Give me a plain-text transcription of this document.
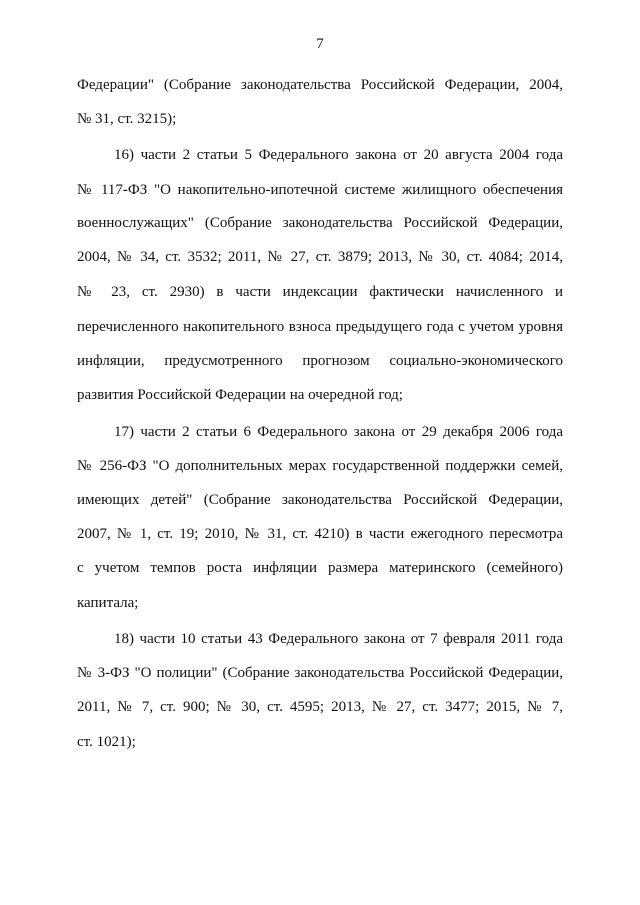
7
Федерации" (Собрание законодательства Российской Федерации, 2004,
№ 31, ст. 3215);
16) части 2 статьи 5 Федерального закона от 20 августа 2004 года
№ 117-ФЗ "О накопительно-ипотечной системе жилищного обеспечения
военнослужащих" (Собрание законодательства Российской Федерации,
2004, № 34, ст. 3532; 2011, № 27, ст. 3879; 2013, № 30, ст. 4084; 2014,
№ 23, ст. 2930) в части индексации фактически начисленного и
перечисленного накопительного взноса предыдущего года с учетом уровня
инфляции, предусмотренного прогнозом социально-экономического
развития Российской Федерации на очередной год;
17) части 2 статьи 6 Федерального закона от 29 декабря 2006 года
№ 256-ФЗ "О дополнительных мерах государственной поддержки семей,
имеющих детей" (Собрание законодательства Российской Федерации,
2007, № 1, ст. 19; 2010, № 31, ст. 4210) в части ежегодного пересмотра
с учетом темпов роста инфляции размера материнского (семейного)
капитала;
18) части 10 статьи 43 Федерального закона от 7 февраля 2011 года
№ 3-ФЗ "О полиции" (Собрание законодательства Российской Федерации,
2011, № 7, ст. 900; № 30, ст. 4595; 2013, № 27, ст. 3477; 2015, № 7,
ст. 1021);
